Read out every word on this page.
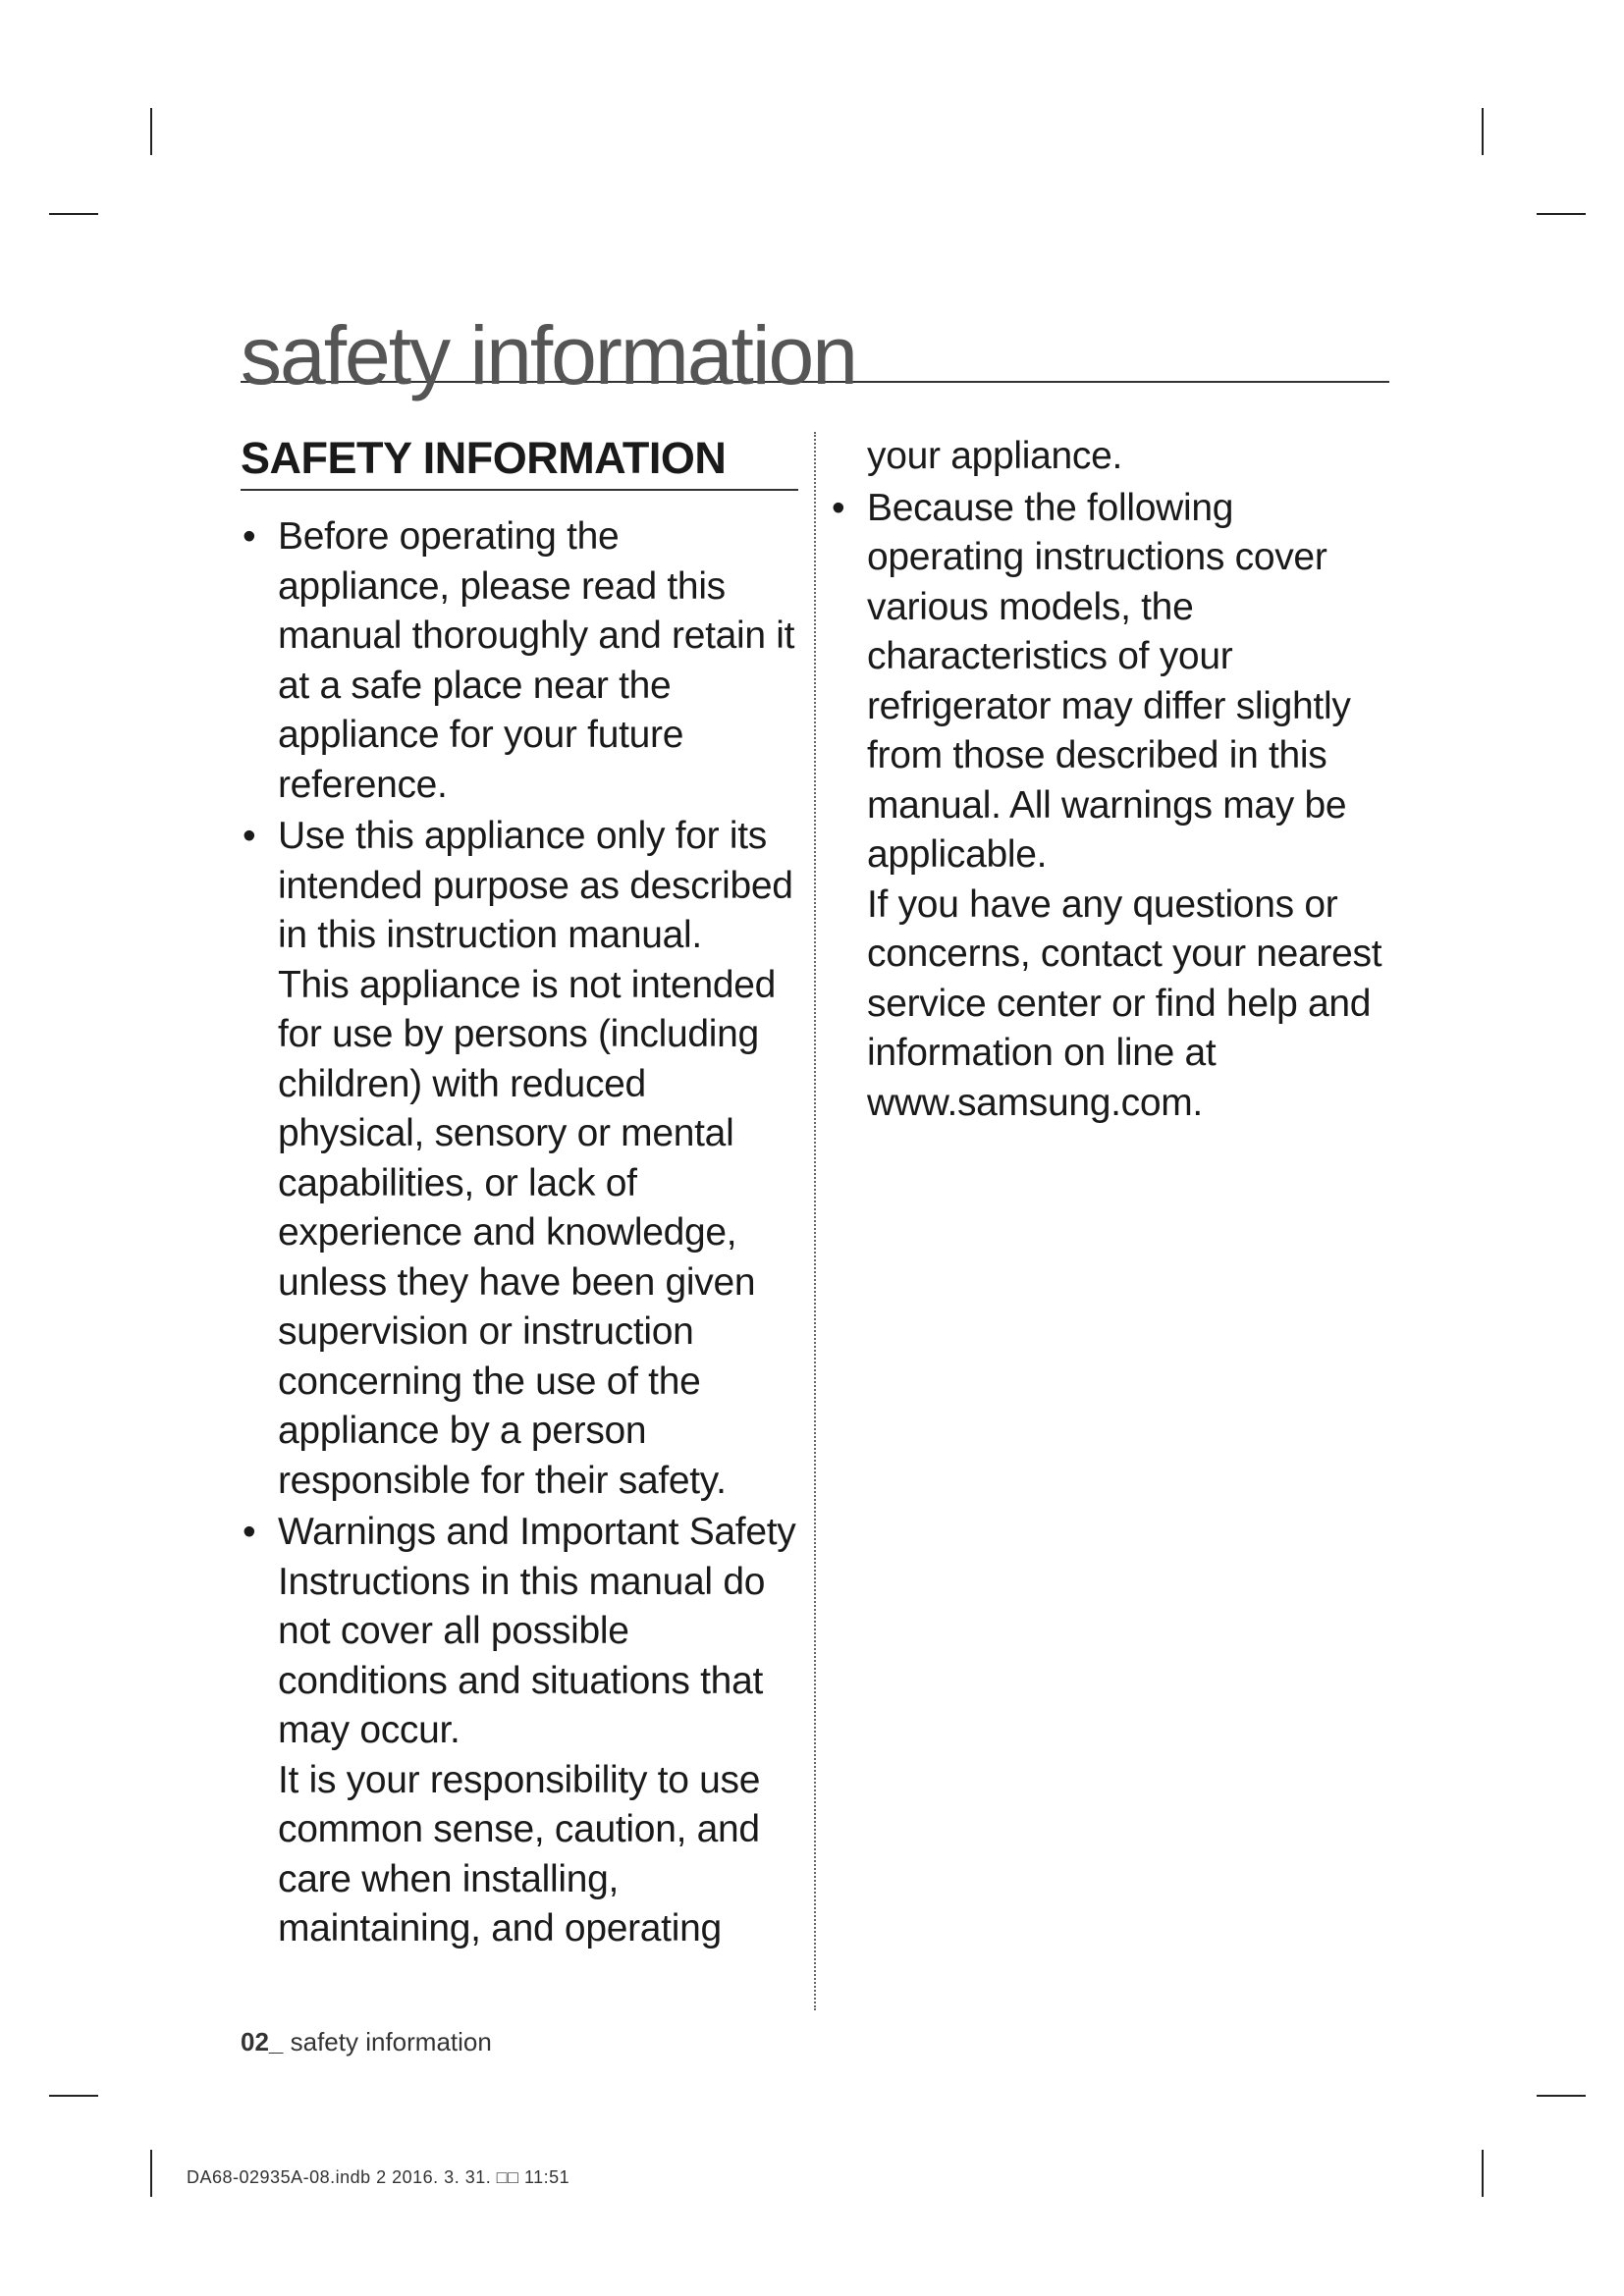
safety information
SAFETY INFORMATION
• Before operating the appliance, please read this manual thoroughly and retain it at a safe place near the appliance for your future reference.

• Use this appliance only for its intended purpose as described in this instruction manual.

This appliance is not intended for use by persons (including children) with reduced physical, sensory or mental capabilities, or lack of experience and knowledge, unless they have been given supervision or instruction concerning the use of the appliance by a person responsible for their safety.

• Warnings and Important Safety Instructions in this manual do not cover all possible conditions and situations that may occur.

It is your responsibility to use common sense, caution, and care when installing, maintaining, and operating

your appliance.

• Because the following operating instructions cover various models, the characteristics of your refrigerator may differ slightly from those described in this manual. All warnings may be applicable.

If you have any questions or concerns, contact your nearest service center or find help and information on line at www.samsung.com.

02_ safety information
DA68-02935A-08.indb 2 2016. 3. 31. □□ 11:51
